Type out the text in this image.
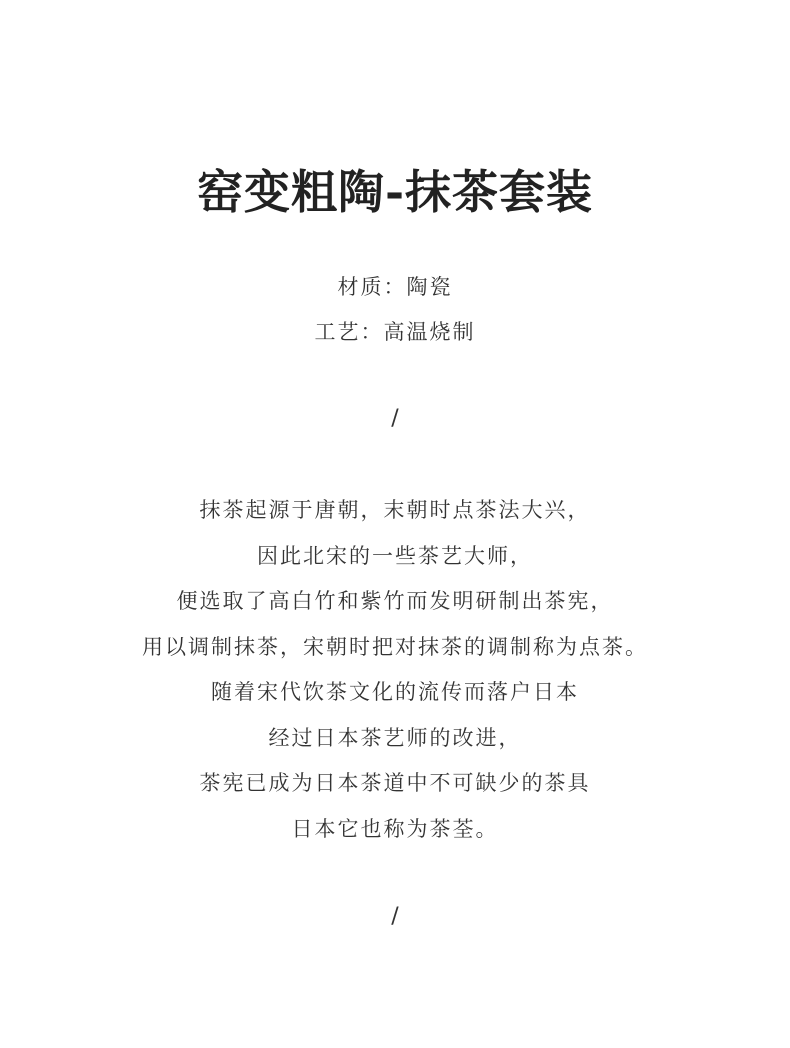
窑变粗陶-抹茶套装
材质：陶瓷
工艺：高温烧制
/
抹茶起源于唐朝，末朝时点茶法大兴，
因此北宋的一些茶艺大师，
便选取了高白竹和紫竹而发明研制出茶宪，
用以调制抹茶，宋朝时把对抹茶的调制称为点茶。
随着宋代饮茶文化的流传而落户日本
经过日本茶艺师的改进，
茶宪已成为日本茶道中不可缺少的茶具
日本它也称为茶荃。
/
